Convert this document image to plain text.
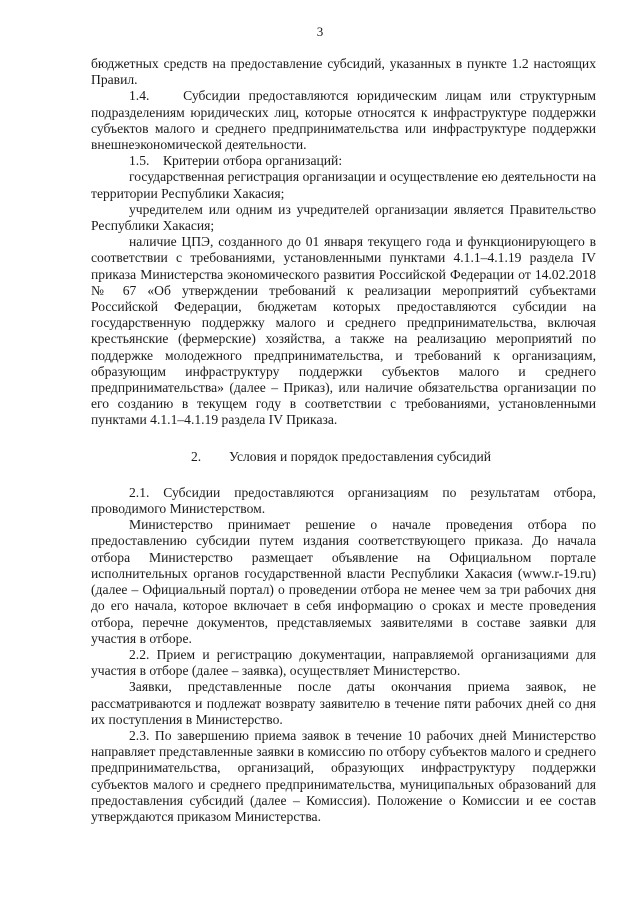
3

бюджетных средств на предоставление субсидий, указанных в пункте 1.2 настоящих Правил.

1.4.    Субсидии предоставляются юридическим лицам или структурным подразделениям юридических лиц, которые относятся к инфраструктуре поддержки субъектов малого и среднего предпринимательства или инфраструктуре поддержки внешнеэкономической деятельности.

1.5.    Критерии отбора организаций:

государственная регистрация организации и осуществление ею деятельности на территории Республики Хакасия;

учредителем или одним из учредителей организации является Правительство Республики Хакасия;

наличие ЦПЭ, созданного до 01 января текущего года и функционирующего в соответствии с требованиями, установленными пунктами 4.1.1–4.1.19 раздела IV приказа Министерства экономического развития Российской Федерации от 14.02.2018 № 67 «Об утверждении требований к реализации мероприятий субъектами Российской Федерации, бюджетам которых предоставляются субсидии на государственную поддержку малого и среднего предпринимательства, включая крестьянские (фермерские) хозяйства, а также на реализацию мероприятий по поддержке молодежного предпринимательства, и требований к организациям, образующим инфраструктуру поддержки субъектов малого и среднего предпринимательства» (далее – Приказ), или наличие обязательства организации по его созданию в текущем году в соответствии с требованиями, установленными пунктами 4.1.1–4.1.19 раздела IV Приказа.

2. Условия и порядок предоставления субсидий

2.1. Субсидии предоставляются организациям по результатам отбора, проводимого Министерством.

Министерство принимает решение о начале проведения отбора по предоставлению субсидии путем издания соответствующего приказа. До начала отбора Министерство размещает объявление на Официальном портале исполнительных органов государственной власти Республики Хакасия (www.r-19.ru) (далее – Официальный портал) о проведении отбора не менее чем за три рабочих дня до его начала, которое включает в себя информацию о сроках и месте проведения отбора, перечне документов, представляемых заявителями в составе заявки для участия в отборе.

2.2. Прием и регистрацию документации, направляемой организациями для участия в отборе (далее – заявка), осуществляет Министерство.

Заявки, представленные после даты окончания приема заявок, не рассматриваются и подлежат возврату заявителю в течение пяти рабочих дней со дня их поступления в Министерство.

2.3. По завершению приема заявок в течение 10 рабочих дней Министерство направляет представленные заявки в комиссию по отбору субъектов малого и среднего предпринимательства, организаций, образующих инфраструктуру поддержки субъектов малого и среднего предпринимательства, муниципальных образований для предоставления субсидий (далее – Комиссия). Положение о Комиссии и ее состав утверждаются приказом Министерства.
